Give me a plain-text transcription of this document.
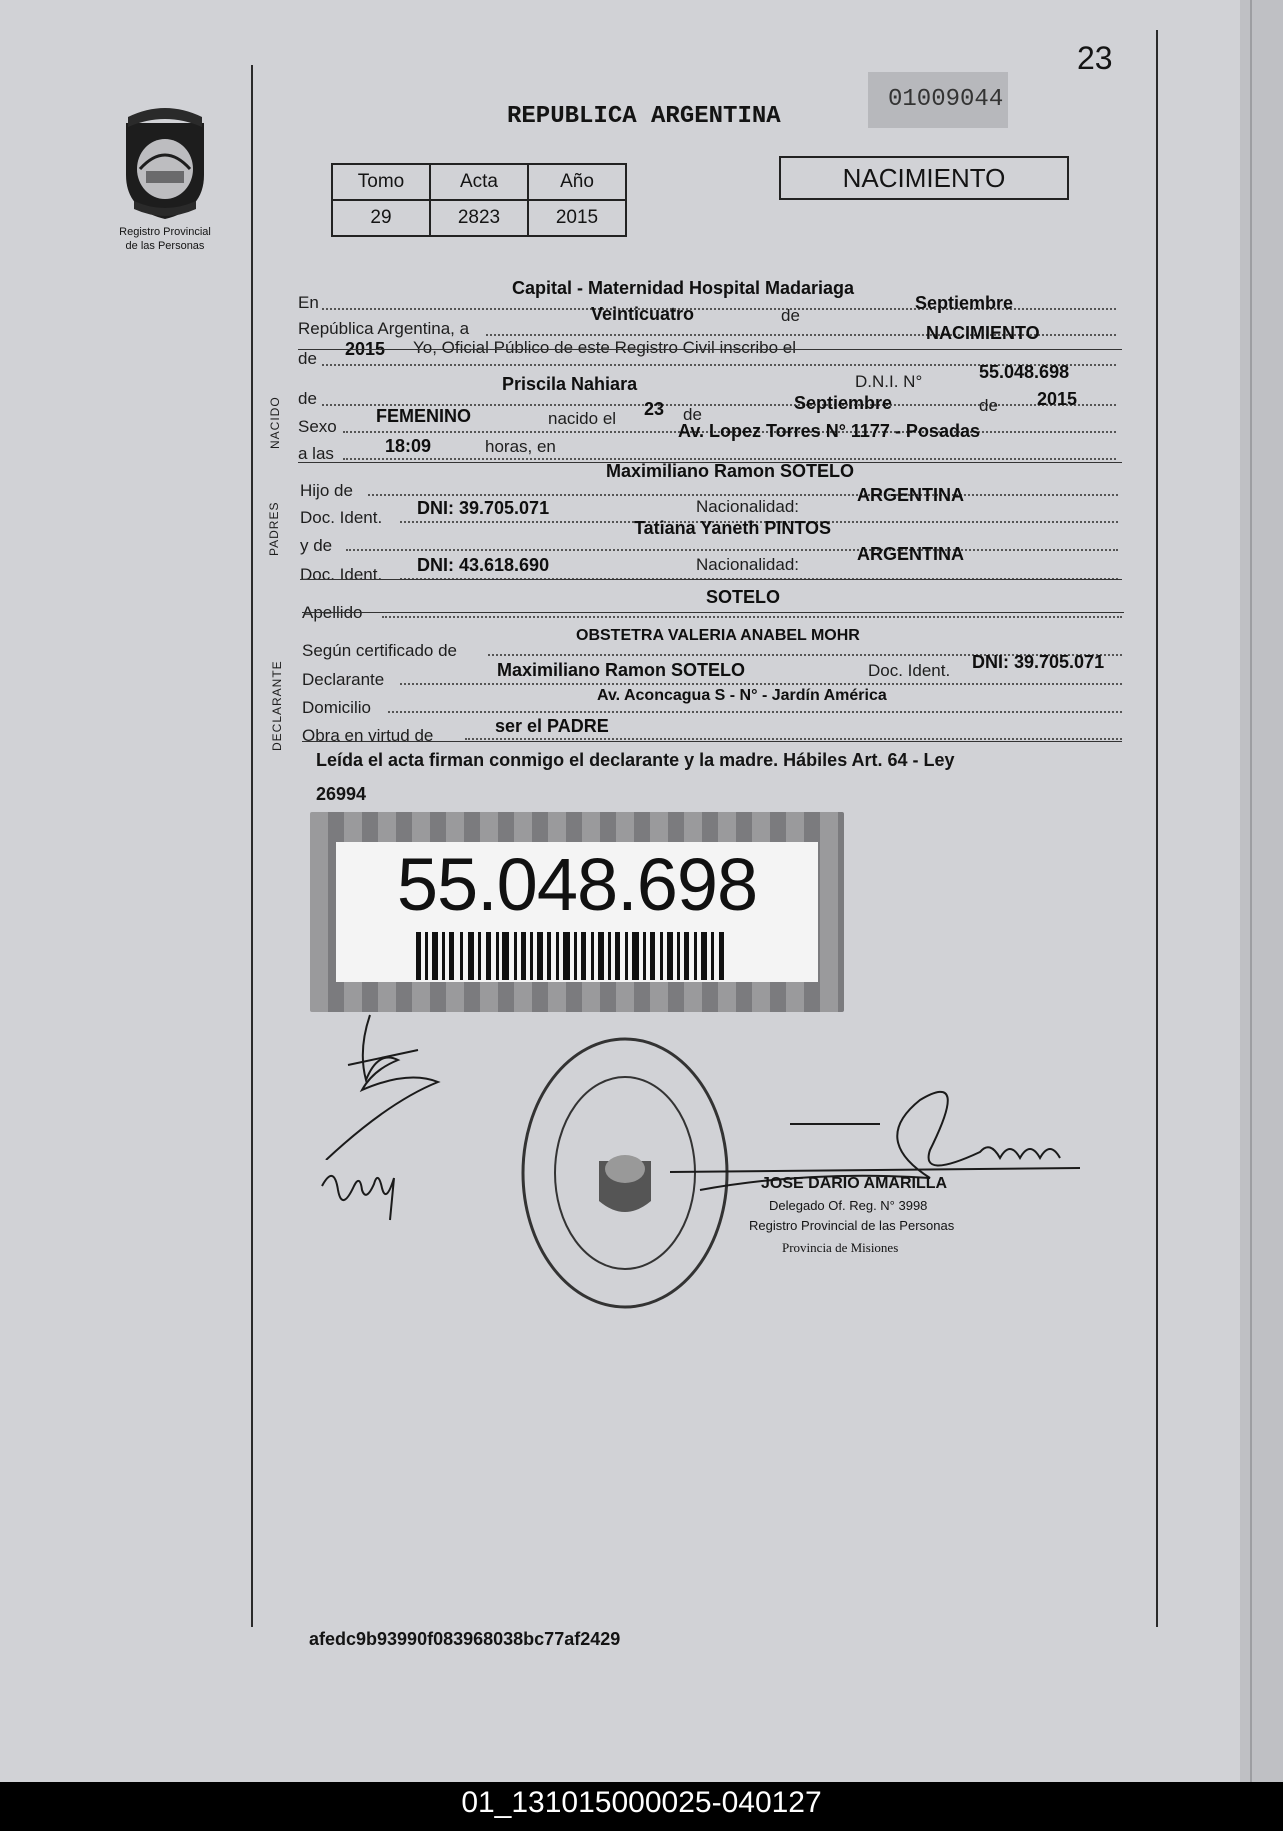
23
Registro Provincial
de las Personas
REPUBLICA ARGENTINA
01009044
Tomo	Acta	Año
29	2823	2015
NACIMIENTO
En
Capital - Maternidad Hospital Madariaga
República Argentina, a
Veinticuatro	de
Septiembre
de 2015 Yo, Oficial Público de este Registro Civil inscribo el
NACIMIENTO
NACIDO de
Priscila Nahiara	D.N.I. N°	55.048.698
Sexo
FEMENINO	nacido el 23 de
Septiembre	de 2015
a las	18:09	horas, en
Av. Lopez Torres N° 1177 - Posadas
PADRES
Hijo de
Maximiliano Ramon SOTELO
Doc. Ident. DNI: 39.705.071	Nacionalidad:
ARGENTINA
y de
Tatiana Yaneth PINTOS
Doc. Ident. DNI: 43.618.690	Nacionalidad:
ARGENTINA
Apellido
SOTELO
DECLARANTE
Según certificado de
OBSTETRA VALERIA ANABEL MOHR
Declarante	Maximiliano Ramon SOTELO	Doc. Ident. DNI: 39.705.071
Domicilio
Av. Aconcagua S - N° - Jardín América
Obra en virtud de	ser el PADRE
Leída el acta firman conmigo el declarante y la madre. Hábiles Art. 64 - Ley
26994
55.048.698
JOSE DARIO AMARILLA
Delegado Of. Reg. N° 3998
Registro Provincial de las Personas
Provincia de Misiones
afedc9b93990f083968038bc77af2429
01_131015000025-040127
